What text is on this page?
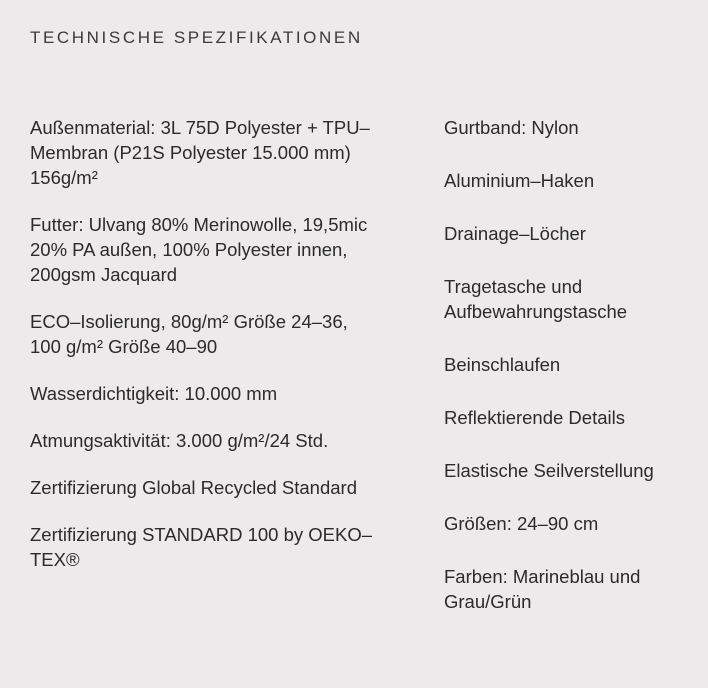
TECHNISCHE SPEZIFIKATIONEN

Außenmaterial: 3L 75D Polyester + TPU–Membran (P21S Polyester 15.000 mm) 156g/m²

Futter: Ulvang 80% Merinowolle, 19,5mic 20% PA außen, 100% Polyester innen, 200gsm Jacquard

ECO–Isolierung, 80g/m² Größe 24–36, 100 g/m² Größe 40–90

Wasserdichtigkeit: 10.000 mm

Atmungsaktivität: 3.000 g/m²/24 Std.

Zertifizierung Global Recycled Standard

Zertifizierung STANDARD 100 by OEKO–TEX®

Gurtband: Nylon

Aluminium–Haken

Drainage–Löcher

Tragetasche und Aufbewahrungstasche

Beinschlaufen

Reflektierende Details

Elastische Seilverstellung

Größen: 24–90 cm

Farben: Marineblau und Grau/Grün
